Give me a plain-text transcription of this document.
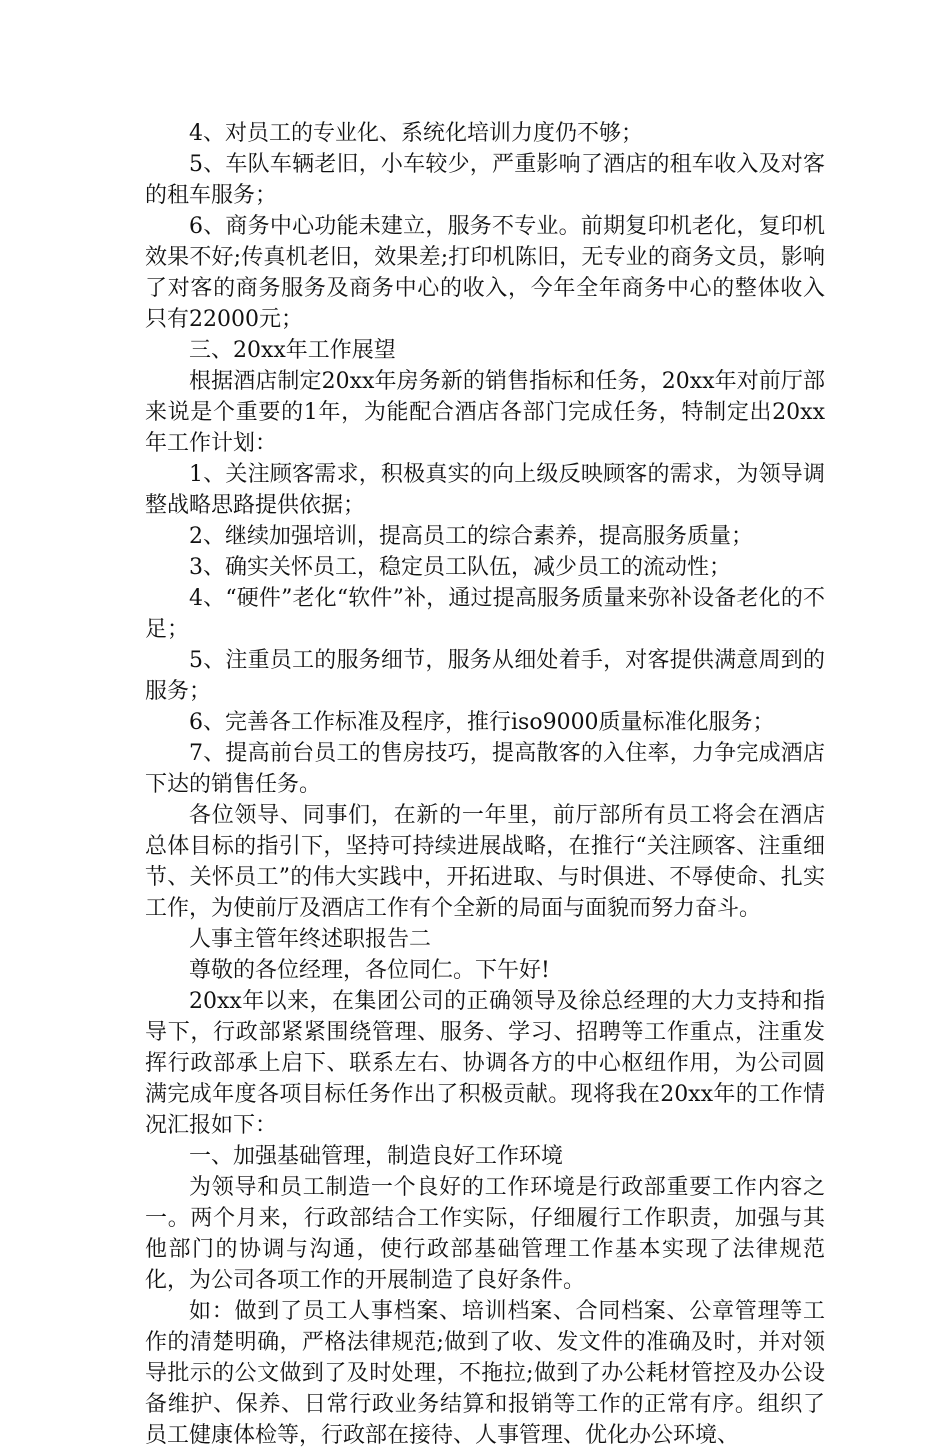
4、对员工的专业化、系统化培训力度仍不够；

5、车队车辆老旧，小车较少，严重影响了酒店的租车收入及对客的租车服务；

6、商务中心功能未建立，服务不专业。前期复印机老化，复印机效果不好;传真机老旧，效果差;打印机陈旧，无专业的商务文员，影响了对客的商务服务及商务中心的收入，今年全年商务中心的整体收入只有22000元；

三、20xx年工作展望

根据酒店制定20xx年房务新的销售指标和任务，20xx年对前厅部来说是个重要的1年，为能配合酒店各部门完成任务，特制定出20xx年工作计划：

1、关注顾客需求，积极真实的向上级反映顾客的需求，为领导调整战略思路提供依据；

2、继续加强培训，提高员工的综合素养，提高服务质量；

3、确实关怀员工，稳定员工队伍，减少员工的流动性；

4、“硬件”老化“软件”补，通过提高服务质量来弥补设备老化的不足；

5、注重员工的服务细节，服务从细处着手，对客提供满意周到的服务；

6、完善各工作标准及程序，推行iso9000质量标准化服务；

7、提高前台员工的售房技巧，提高散客的入住率，力争完成酒店下达的销售任务。

各位领导、同事们，在新的一年里，前厅部所有员工将会在酒店总体目标的指引下，坚持可持续进展战略，在推行“关注顾客、注重细节、关怀员工”的伟大实践中，开拓进取、与时俱进、不辱使命、扎实工作，为使前厅及酒店工作有个全新的局面与面貌而努力奋斗。

人事主管年终述职报告二

尊敬的各位经理，各位同仁。下午好!

20xx年以来，在集团公司的正确领导及徐总经理的大力支持和指导下，行政部紧紧围绕管理、服务、学习、招聘等工作重点，注重发挥行政部承上启下、联系左右、协调各方的中心枢纽作用，为公司圆满完成年度各项目标任务作出了积极贡献。现将我在20xx年的工作情况汇报如下：

一、加强基础管理，制造良好工作环境

为领导和员工制造一个良好的工作环境是行政部重要工作内容之一。两个月来，行政部结合工作实际，仔细履行工作职责，加强与其他部门的协调与沟通，使行政部基础管理工作基本实现了法律规范化，为公司各项工作的开展制造了良好条件。

如：做到了员工人事档案、培训档案、合同档案、公章管理等工作的清楚明确，严格法律规范;做到了收、发文件的准确及时，并对领导批示的公文做到了及时处理，不拖拉;做到了办公耗材管控及办公设备维护、保养、日常行政业务结算和报销等工作的正常有序。组织了员工健康体检等，行政部在接待、人事管理、优化办公环境、
